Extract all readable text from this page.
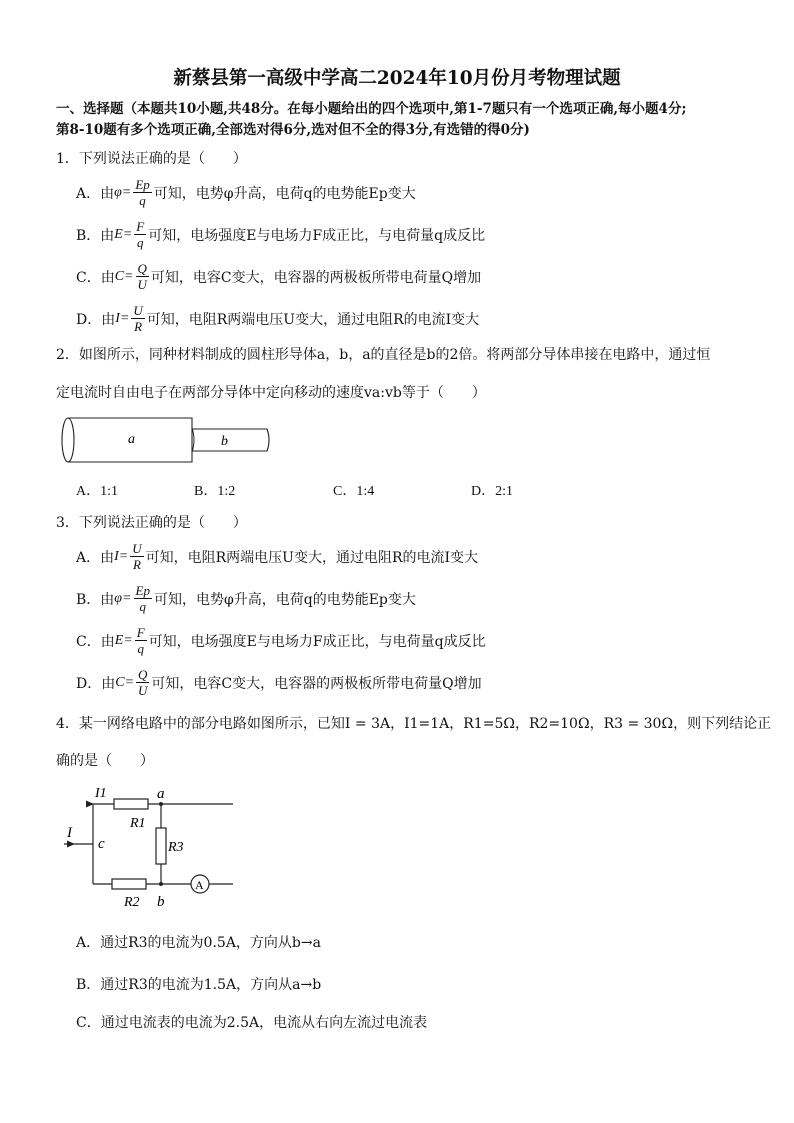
新蔡县第一高级中学高二2024年10月份月考物理试题
一、选择题（本题共10小题,共48分。在每小题给出的四个选项中,第1-7题只有一个选项正确,每小题4分;
第8-10题有多个选项正确,全部选对得6分,选对但不全的得3分,有选错的得0分)
1．下列说法正确的是（　　）
A．由 $\varphi= \frac{Ep}{q}$ 可知，电势φ升高，电荷q的电势能Ep变大
B．由 $E= \frac{F}{q}$ 可知，电场强度E与电场力F成正比，与电荷量q成反比
C．由 $C= \frac{Q}{U}$ 可知，电容C变大，电容器的两极板所带电荷量Q增加
D．由 $I= \frac{U}{R}$ 可知，电阻R两端电压U变大，通过电阻R的电流I变大
2．如图所示，同种材料制成的圆柱形导体a，b，a的直径是b的2倍。将两部分导体串接在电路中，通过恒
定电流时自由电子在两部分导体中定向移动的速度va:vb等于（　　）
a	b
A．1:1	B．1:2	C．1:4	D．2:1
3．下列说法正确的是（　　）
A．由 $I= \frac{U}{R}$ 可知，电阻R两端电压U变大，通过电阻R的电流I变大
B．由 $\varphi= \frac{Ep}{q}$ 可知，电势φ升高，电荷q的电势能Ep变大
C．由 $E= \frac{F}{q}$ 可知，电场强度E与电场力F成正比，与电荷量q成反比
D．由 $C= \frac{Q}{U}$ 可知，电容C变大，电容器的两极板所带电荷量Q增加
4．某一网络电路中的部分电路如图所示，已知I = 3A，I1=1A，R1=5Ω，R2=10Ω，R3 = 30Ω，则下列结论正
确的是（　　）
I1
I
c
R1
a
R3
R2 b
A
A．通过R3的电流为0.5A，方向从b→a
B．通过R3的电流为1.5A，方向从a→b
C．通过电流表的电流为2.5A，电流从右向左流过电流表
